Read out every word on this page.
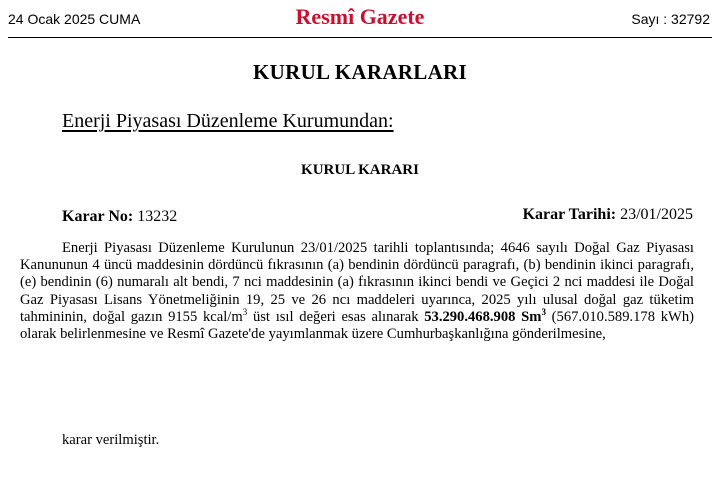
24 Ocak 2025 CUMA	Resmî Gazete	Sayı : 32792
KURUL KARARLARI
Enerji Piyasası Düzenleme Kurumundan:
KURUL KARARI
Karar No: 13232	Karar Tarihi: 23/01/2025
Enerji Piyasası Düzenleme Kurulunun 23/01/2025 tarihli toplantısında; 4646 sayılı Doğal Gaz Piyasası Kanununun 4 üncü maddesinin dördüncü fıkrasının (a) bendinin dördüncü paragrafı, (b) bendinin ikinci paragrafı, (e) bendinin (6) numaralı alt bendi, 7 nci maddesinin (a) fıkrasının ikinci bendi ve Geçici 2 nci maddesi ile Doğal Gaz Piyasası Lisans Yönetmeliğinin 19, 25 ve 26 ncı maddeleri uyarınca, 2025 yılı ulusal doğal gaz tüketim tahmininin, doğal gazın 9155 kcal/$m^3$ üst ısıl değeri esas alınarak 53.290.468.908 Sm$^3$ (567.010.589.178 kWh) olarak belirlenmesine ve Resmî Gazete'de yayımlanmak üzere Cumhurbaşkanlığına gönderilmesine,
karar verilmiştir.
